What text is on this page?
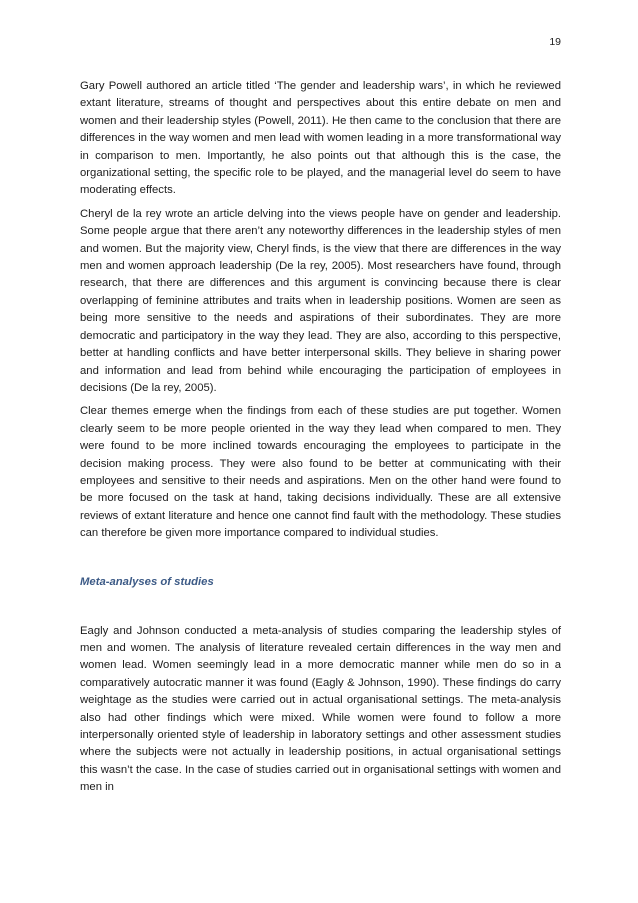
19

Gary Powell authored an article titled ‘The gender and leadership wars’, in which he reviewed extant literature, streams of thought and perspectives about this entire debate on men and women and their leadership styles (Powell, 2011). He then came to the conclusion that there are differences in the way women and men lead with women leading in a more transformational way in comparison to men. Importantly, he also points out that although this is the case, the organizational setting, the specific role to be played, and the managerial level do seem to have moderating effects.

Cheryl de la rey wrote an article delving into the views people have on gender and leadership. Some people argue that there aren’t any noteworthy differences in the leadership styles of men and women. But the majority view, Cheryl finds, is the view that there are differences in the way men and women approach leadership (De la rey, 2005). Most researchers have found, through research, that there are differences and this argument is convincing because there is clear overlapping of feminine attributes and traits when in leadership positions. Women are seen as being more sensitive to the needs and aspirations of their subordinates. They are more democratic and participatory in the way they lead. They are also, according to this perspective, better at handling conflicts and have better interpersonal skills. They believe in sharing power and information and lead from behind while encouraging the participation of employees in decisions (De la rey, 2005).

Clear themes emerge when the findings from each of these studies are put together. Women clearly seem to be more people oriented in the way they lead when compared to men. They were found to be more inclined towards encouraging the employees to participate in the decision making process. They were also found to be better at communicating with their employees and sensitive to their needs and aspirations. Men on the other hand were found to be more focused on the task at hand, taking decisions individually. These are all extensive reviews of extant literature and hence one cannot find fault with the methodology. These studies can therefore be given more importance compared to individual studies.

Meta-analyses of studies

Eagly and Johnson conducted a meta-analysis of studies comparing the leadership styles of men and women. The analysis of literature revealed certain differences in the way men and women lead. Women seemingly lead in a more democratic manner while men do so in a comparatively autocratic manner it was found (Eagly & Johnson, 1990). These findings do carry weightage as the studies were carried out in actual organisational settings. The meta-analysis also had other findings which were mixed. While women were found to follow a more interpersonally oriented style of leadership in laboratory settings and other assessment studies where the subjects were not actually in leadership positions, in actual organisational settings this wasn’t the case. In the case of studies carried out in organisational settings with women and men in
